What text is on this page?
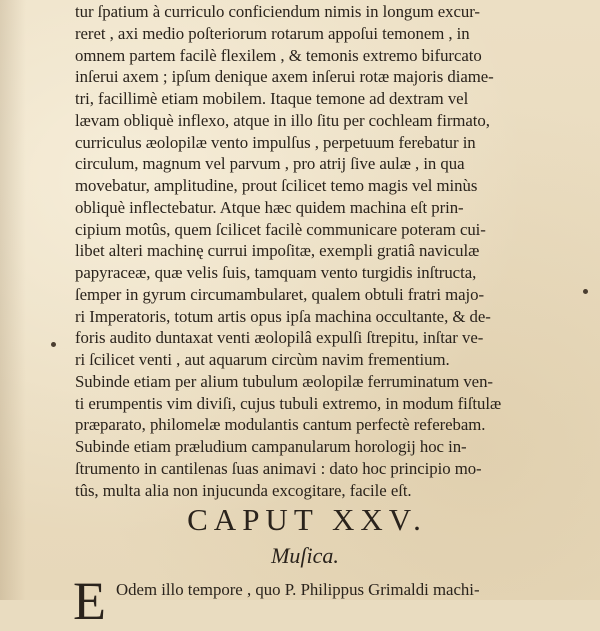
tur ſpatium à curriculo conficiendum nimis in longum excur-
reret , axi medio poſteriorum rotarum appoſui temonem , in
omnem partem facilè flexilem , & temonis extremo bifurcato
inſerui axem ; ipſum denique axem inſerui rotæ majoris diame-
tri, facillimè etiam mobilem. Itaque temone ad dextram vel
lævam obliquè inflexo, atque in illo ſitu per cochleam firmato,
curriculus æolopilæ vento impulſus , perpetuum ferebatur in
circulum, magnum vel parvum , pro atrij ſive aulæ , in qua
movebatur, amplitudine, prout ſcilicet temo magis vel minùs
obliquè inflectebatur. Atque hæc quidem machina eſt prin-
cipium motûs, quem ſcilicet facilè communicare poteram cui-
libet alteri machinę currui impoſitæ, exempli gratiâ naviculæ
papyraceæ, quæ velis ſuis, tamquam vento turgidis inſtructa,
ſemper in gyrum circumambularet, qualem obtuli fratri majo-
ri Imperatoris, totum artis opus ipſa machina occultante, & de-
foris audito duntaxat venti æolopilâ expulſi ſtrepitu, inſtar ve-
ri ſcilicet venti , aut aquarum circùm navim frementium.
Subinde etiam per alium tubulum æolopilæ ferruminatum ven-
ti erumpentis vim diviſi, cujus tubuli extremo, in modum fiſtulæ
præparato, philomelæ modulantis cantum perfectè referebam.
Subinde etiam præludium campanularum horologij hoc in-
ſtrumento in cantilenas ſuas animavi : dato hoc principio mo-
tûs, multa alia non injucunda excogitare, facile eſt.
CAPUT XXV.
Muſica.
E Odem illo tempore , quo P. Philippus Grimaldi machi-
